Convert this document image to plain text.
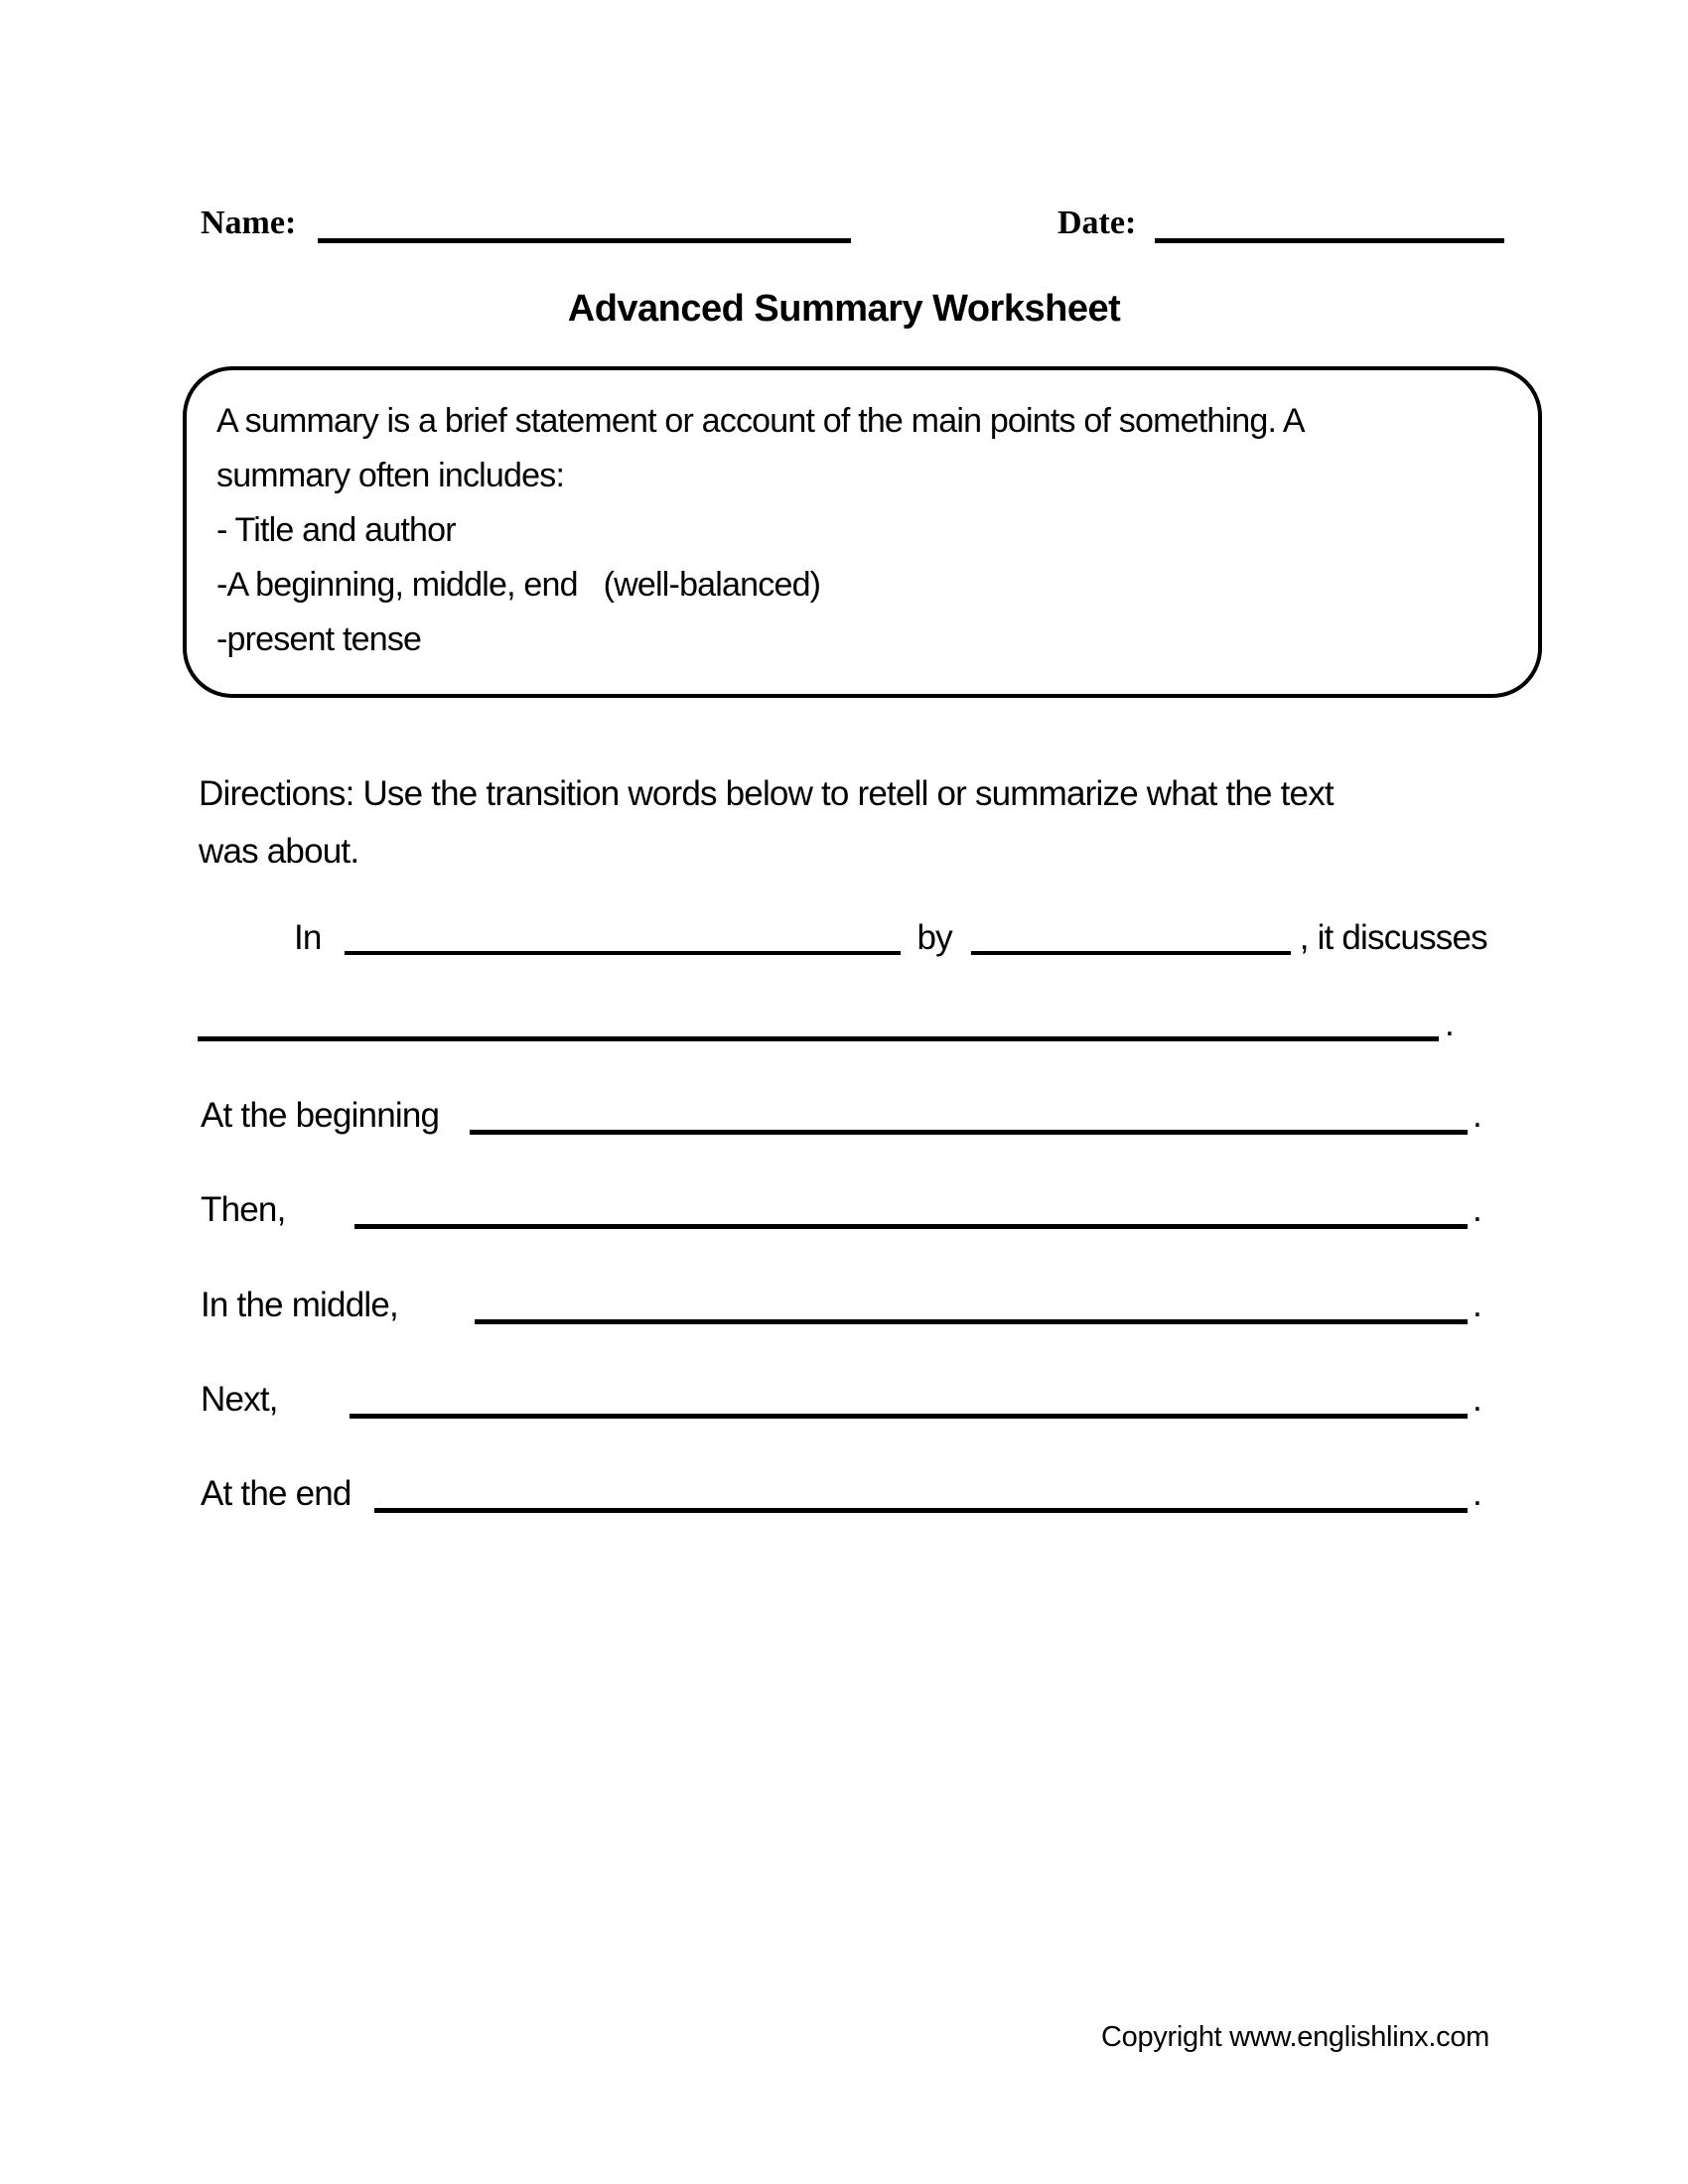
Name:	Date:
Advanced Summary Worksheet
A summary is a brief statement or account of the main points of something. A
summary often includes:
- Title and author
-A beginning, middle, end   (well-balanced)
-present tense
Directions: Use the transition words below to retell or summarize what the text
was about.
In	by	, it discusses
.
At the beginning	.
Then,	.
In the middle,	.
Next,	.
At the end	.
Copyright www.englishlinx.com
